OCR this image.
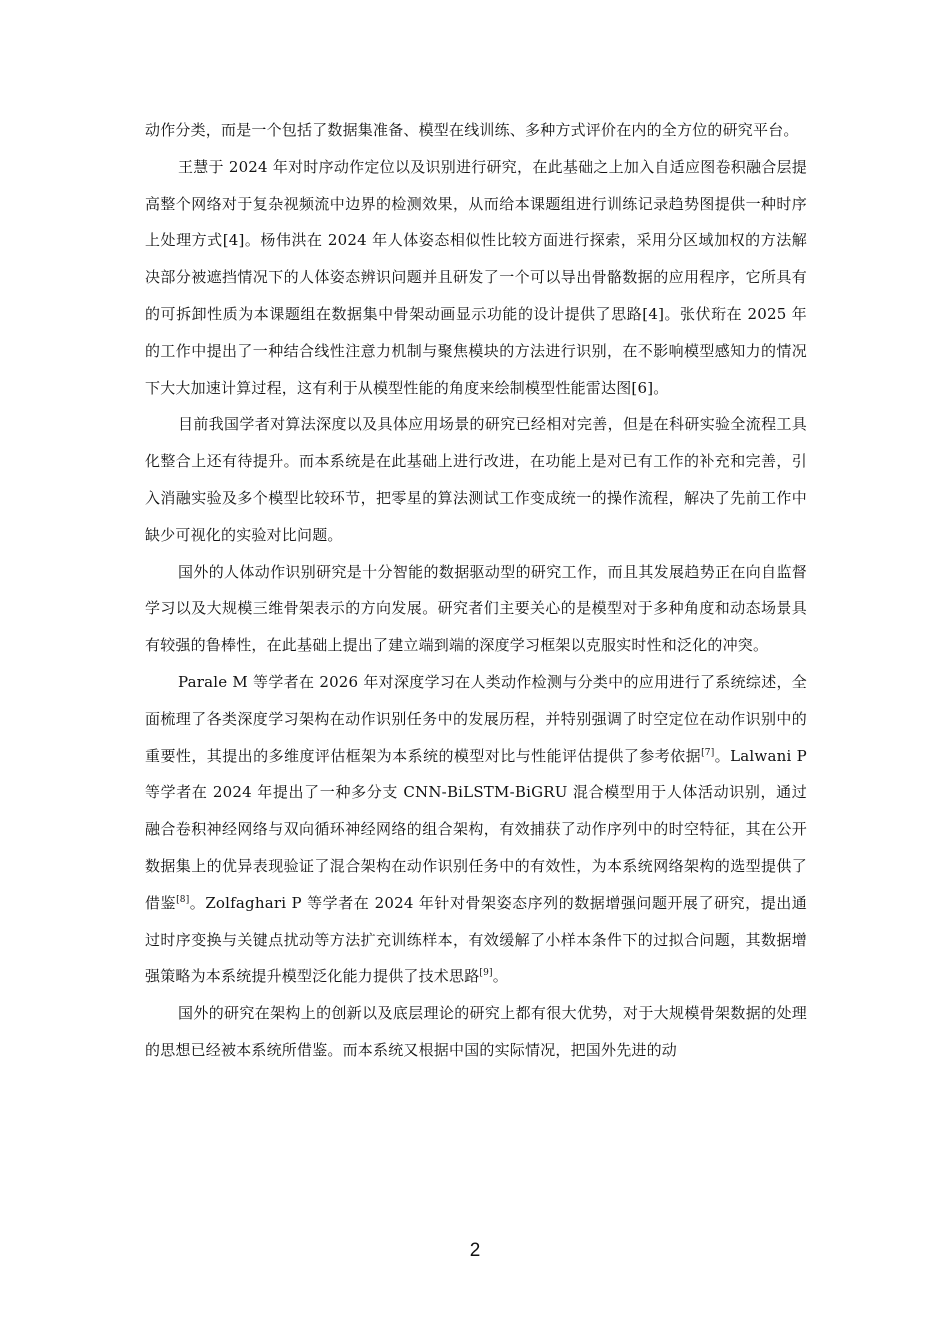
动作分类，而是一个包括了数据集准备、模型在线训练、多种方式评价在内的全方位的研究平台。

王慧于 2024 年对时序动作定位以及识别进行研究，在此基础之上加入自适应图卷积融合层提高整个网络对于复杂视频流中边界的检测效果，从而给本课题组进行训练记录趋势图提供一种时序上处理方式[4]。杨伟洪在 2024 年人体姿态相似性比较方面进行探索，采用分区域加权的方法解决部分被遮挡情况下的人体姿态辨识问题并且研发了一个可以导出骨骼数据的应用程序，它所具有的可拆卸性质为本课题组在数据集中骨架动画显示功能的设计提供了思路[4]。张伏珩在 2025 年的工作中提出了一种结合线性注意力机制与聚焦模块的方法进行识别，在不影响模型感知力的情况下大大加速计算过程，这有利于从模型性能的角度来绘制模型性能雷达图[6]。

目前我国学者对算法深度以及具体应用场景的研究已经相对完善，但是在科研实验全流程工具化整合上还有待提升。而本系统是在此基础上进行改进，在功能上是对已有工作的补充和完善，引入消融实验及多个模型比较环节，把零星的算法测试工作变成统一的操作流程，解决了先前工作中缺少可视化的实验对比问题。

国外的人体动作识别研究是十分智能的数据驱动型的研究工作，而且其发展趋势正在向自监督学习以及大规模三维骨架表示的方向发展。研究者们主要关心的是模型对于多种角度和动态场景具有较强的鲁棒性，在此基础上提出了建立端到端的深度学习框架以克服实时性和泛化的冲突。

Parale M 等学者在 2026 年对深度学习在人类动作检测与分类中的应用进行了系统综述，全面梳理了各类深度学习架构在动作识别任务中的发展历程，并特别强调了时空定位在动作识别中的重要性，其提出的多维度评估框架为本系统的模型对比与性能评估提供了参考依据[7]。Lalwani P 等学者在 2024 年提出了一种多分支 CNN-BiLSTM-BiGRU 混合模型用于人体活动识别，通过融合卷积神经网络与双向循环神经网络的组合架构，有效捕获了动作序列中的时空特征，其在公开数据集上的优异表现验证了混合架构在动作识别任务中的有效性，为本系统网络架构的选型提供了借鉴[8]。Zolfaghari P 等学者在 2024 年针对骨架姿态序列的数据增强问题开展了研究，提出通过时序变换与关键点扰动等方法扩充训练样本，有效缓解了小样本条件下的过拟合问题，其数据增强策略为本系统提升模型泛化能力提供了技术思路[9]。

国外的研究在架构上的创新以及底层理论的研究上都有很大优势，对于大规模骨架数据的处理的思想已经被本系统所借鉴。而本系统又根据中国的实际情况，把国外先进的动

2
